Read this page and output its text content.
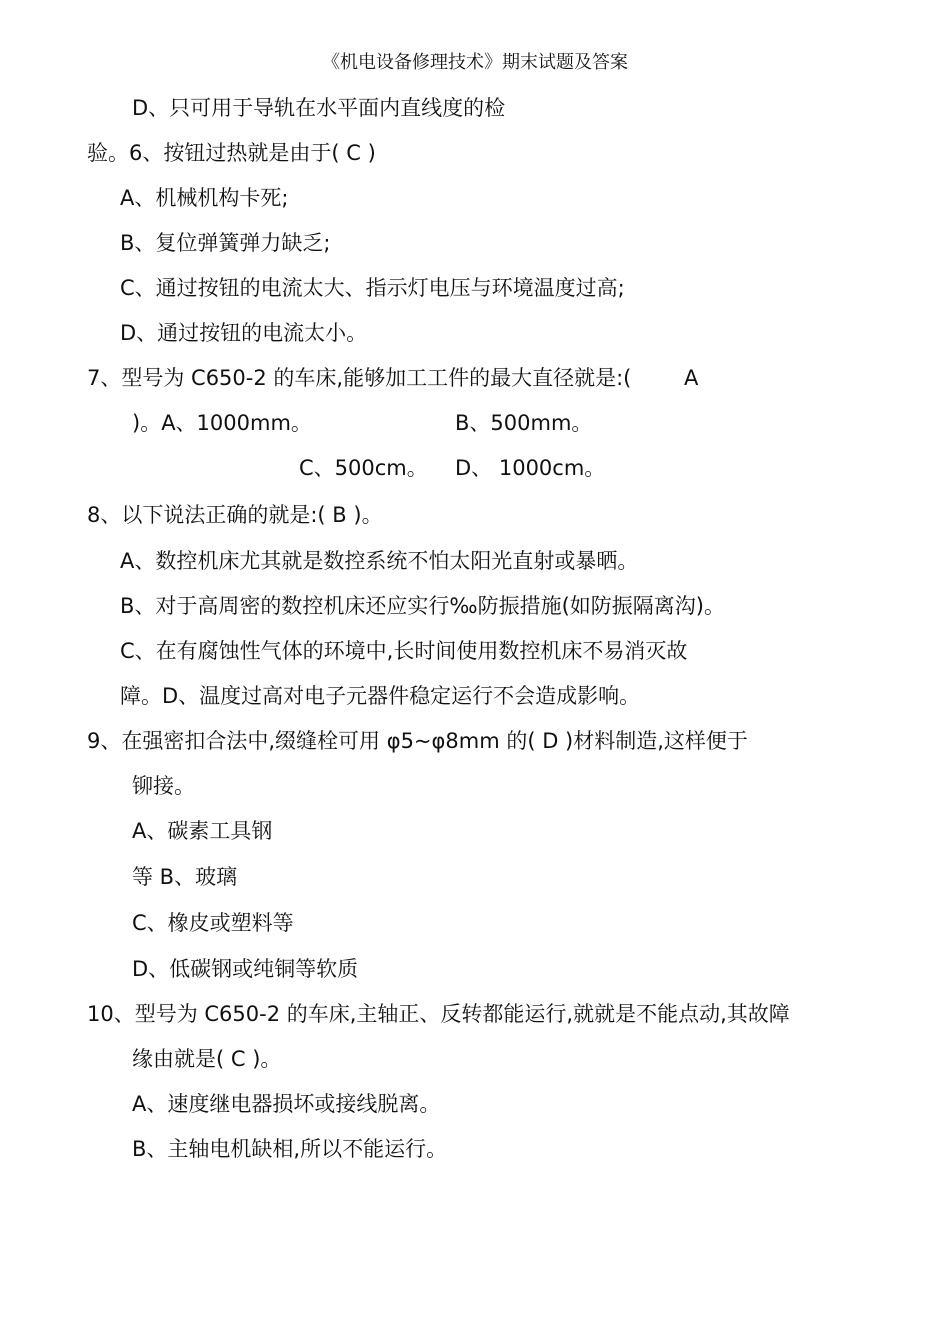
《机电设备修理技术》期末试题及答案
D、只可用于导轨在水平面内直线度的检
验。6、按钮过热就是由于( C )
A、机械机构卡死;
B、复位弹簧弹力缺乏;
C、通过按钮的电流太大、指示灯电压与环境温度过高;
D、通过按钮的电流太小。
7、型号为 C650-2 的车床,能够加工工件的最大直径就是:(	A
)。A、1000mm。	B、500mm。
C、500cm。 D、 1000cm。
8、以下说法正确的就是:( B )。
A、数控机床尤其就是数控系统不怕太阳光直射或暴晒。
B、对于高周密的数控机床还应实行‰防振措施(如防振隔离沟)。
C、在有腐蚀性气体的环境中,长时间使用数控机床不易消灭故
障。D、温度过高对电子元器件稳定运行不会造成影响。
9、在强密扣合法中,缀缝栓可用 φ5~φ8mm 的( D )材料制造,这样便于
铆接。
A、碳素工具钢
等 B、玻璃
C、橡皮或塑料等
D、低碳钢或纯铜等软质
10、型号为 C650-2 的车床,主轴正、反转都能运行,就就是不能点动,其故障
缘由就是( C )。
A、速度继电器损坏或接线脱离。
B、主轴电机缺相,所以不能运行。
